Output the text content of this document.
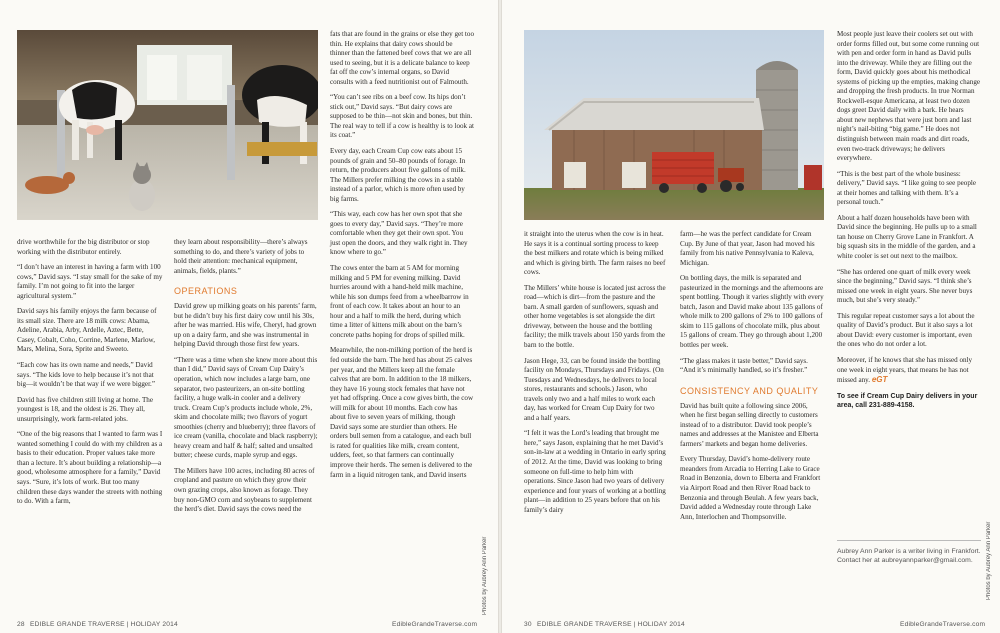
drive worthwhile for the big distributor or stop working with the distributor entirely.

“I don’t have an interest in having a farm with 100 cows,” David says. “I stay small for the sake of my family. I’m not going to fit into the larger agricultural system.”

David says his family enjoys the farm because of its small size. There are 18 milk cows: Abama, Adeline, Arabia, Arby, Ardelle, Aztec, Bette, Casey, Cobalt, Coho, Corrine, Marlene, Marlow, Mars, Melina, Sora, Sprite and Sweeto.

“Each cow has its own name and needs,” David says. “The kids love to help because it’s not that big—it wouldn’t be that way if we were bigger.”

David has five children still living at home. The youngest is 18, and the oldest is 26. They all, unsurprisingly, work farm-related jobs.

“One of the big reasons that I wanted to farm was I wanted something I could do with my children as a basis to their education. Proper values take more than a lecture. It’s about building a relationship—a good, wholesome atmosphere for a family,” David says. “Sure, it’s lots of work. But too many children these days wander the streets with nothing to do. With a farm,

they learn about responsibility—there’s always something to do, and there’s variety of jobs to hold their attention: mechanical equipment, animals, fields, plants.”

OPERATIONS

David grew up milking goats on his parents’ farm, but he didn’t buy his first dairy cow until his 30s, after he was married. His wife, Cheryl, had grown up on a dairy farm, and she was instrumental in helping David through those first few years.

“There was a time when she knew more about this than I did,” David says of Cream Cup Dairy’s operation, which now includes a large barn, one separator, two pasteurizers, an on-site bottling facility, a huge walk-in cooler and a delivery truck. Cream Cup’s products include whole, 2%, skim and chocolate milk; two flavors of yogurt smoothies (cherry and blueberry); three flavors of ice cream (vanilla, chocolate and black raspberry); heavy cream and half & half; salted and unsalted butter; cheese curds, maple syrup and eggs.

The Millers have 100 acres, including 80 acres of cropland and pasture on which they grow their own grazing crops, also known as forage. They buy non-GMO corn and soybeans to supplement the herd’s diet. David says the cows need the

fats that are found in the grains or else they get too thin. He explains that dairy cows should be thinner than the fattened beef cows that we are all used to seeing, but it is a delicate balance to keep fat off the cow’s internal organs, so David consults with a feed nutritionist out of Falmouth.

“You can’t see ribs on a beef cow. Its hips don’t stick out,” David says. “But dairy cows are supposed to be thin—not skin and bones, but thin. The real way to tell if a cow is healthy is to look at its coat.”

Every day, each Cream Cup cow eats about 15 pounds of grain and 50–80 pounds of forage. In return, the producers about five gallons of milk. The Millers prefer milking the cows in a stable instead of a parlor, which is more often used by big farms.

“This way, each cow has her own spot that she goes to every day,” David says. “They’re more comfortable when they get their own spot. You just open the doors, and they walk right in. They know where to go.”

The cows enter the barn at 5 AM for morning milking and 5 PM for evening milking. David hurries around with a hand-held milk machine, while his son dumps feed from a wheelbarrow in front of each cow. It takes about an hour to an hour and a half to milk the herd, during which time a litter of kittens milk about on the barn’s concrete paths hoping for drops of spilled milk.

Meanwhile, the non-milking portion of the herd is fed outside the barn. The herd has about 25 calves per year, and the Millers keep all the female calves that are born. In addition to the 18 milkers, they have 16 young stock females that have not yet had offspring. Once a cow gives birth, the cow will milk for about 10 months. Each cow has about five to seven years of milking, though David says some are sturdier than others. He orders bull semen from a catalogue, and each bull is rated for qualities like milk, cream content, udders, feet, so that farmers can continually improve their herds. The semen is delivered to the farm in a liquid nitrogen tank, and David inserts

Photos by Aubrey Ann Parker
28 EDIBLE GRANDE TRAVERSE | HOLIDAY 2014	EdibleGrandeTraverse.com

it straight into the uterus when the cow is in heat. He says it is a continual sorting process to keep the best milkers and rotate which is being milked and which is giving birth. The farm raises no beef cows.

The Millers’ white house is located just across the road—which is dirt—from the pasture and the barn. A small garden of sunflowers, squash and other home vegetables is set alongside the dirt driveway, between the house and the bottling facility; the milk travels about 150 yards from the barn to the bottle.

Jason Hege, 33, can be found inside the bottling facility on Mondays, Thursdays and Fridays. (On Tuesdays and Wednesdays, he delivers to local stores, restaurants and schools.) Jason, who travels only two and a half miles to work each day, has worked for Cream Cup Dairy for two and a half years.

“I felt it was the Lord’s leading that brought me here,” says Jason, explaining that he met David’s son-in-law at a wedding in Ontario in early spring of 2012. At the time, David was looking to bring someone on full-time to help him with operations. Since Jason had two years of delivery experience and four years of working at a bottling plant—in addition to 25 years before that on his family’s dairy

farm—he was the perfect candidate for Cream Cup. By June of that year, Jason had moved his family from his native Pennsylvania to Kaleva, Michigan.

On bottling days, the milk is separated and pasteurized in the mornings and the afternoons are spent bottling. Though it varies slightly with every batch, Jason and David make about 135 gallons of whole milk to 200 gallons of 2% to 100 gallons of skim to 115 gallons of chocolate milk, plus about 15 gallons of cream. They go through about 1,200 bottles per week.

“The glass makes it taste better,” David says. “And it’s minimally handled, so it’s fresher.”

CONSISTENCY AND QUALITY

David has built quite a following since 2006, when he first began selling directly to customers instead of to a distributor. David took people’s names and addresses at the Manistee and Elberta farmers’ markets and began home deliveries.

Every Thursday, David’s home-delivery route meanders from Arcadia to Herring Lake to Grace Road in Benzonia, down to Elberta and Frankfort via Airport Road and then River Road back to Benzonia and through Beulah. A few years back, David added a Wednesday route through Lake Ann, Interlochen and Thompsonville.

Most people just leave their coolers set out with order forms filled out, but some come running out with pen and order form in hand as David pulls into the driveway. While they are filling out the form, David quickly goes about his methodical systems of picking up the empties, making change and dropping the fresh products. In true Norman Rockwell-esque Americana, at least two dozen dogs greet David daily with a bark. He hears about new nephews that were just born and last night’s nail-biting “big game.” He does not distinguish between main roads and dirt roads, even two-track driveways; he delivers everywhere.

“This is the best part of the whole business: delivery,” David says. “I like going to see people at their homes and talking with them. It’s a personal touch.”

About a half dozen households have been with David since the beginning. He pulls up to a small tan house on Cherry Grove Lane in Frankfort. A big squash sits in the middle of the garden, and a white cooler is set out next to the mailbox.

“She has ordered one quart of milk every week since the beginning,” David says. “I think she’s missed one week in eight years. She never buys much, but she’s very steady.”

This regular repeat customer says a lot about the quality of David’s product. But it also says a lot about David: every customer is important, even the ones who do not order a lot.

Moreover, if he knows that she has missed only one week in eight years, that means he has not missed any. eGT

To see if Cream Cup Dairy delivers in your area, call 231-889-4158.

Aubrey Ann Parker is a writer living in Frankfort. Contact her at aubreyannparker@gmail.com.	Photos by Aubrey Ann Parker
30 EDIBLE GRANDE TRAVERSE | HOLIDAY 2014	EdibleGrandeTraverse.com
